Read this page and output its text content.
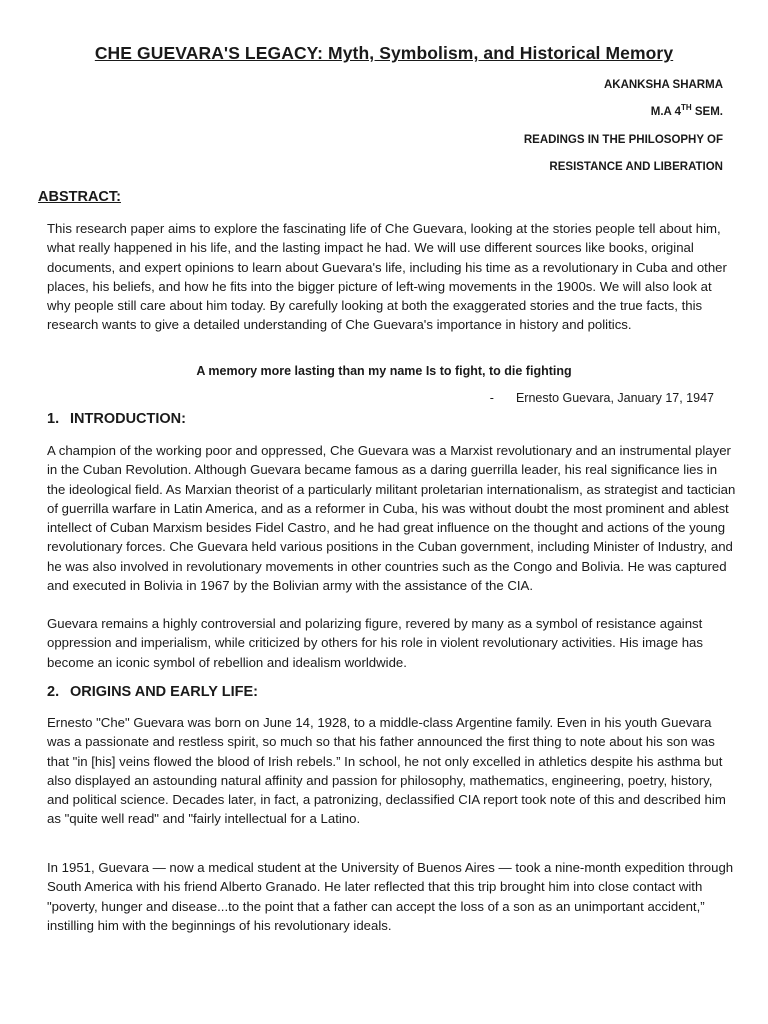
CHE GUEVARA'S LEGACY: Myth, Symbolism, and Historical Memory
AKANKSHA SHARMA
M.A 4TH SEM.
READINGS IN THE PHILOSOPHY OF
RESISTANCE AND LIBERATION
ABSTRACT:

This research paper aims to explore the fascinating life of Che Guevara, looking at the stories people tell about him, what really happened in his life, and the lasting impact he had. We will use different sources like books, original documents, and expert opinions to learn about Guevara's life, including his time as a revolutionary in Cuba and other places, his beliefs, and how he fits into the bigger picture of left-wing movements in the 1900s. We will also look at why people still care about him today. By carefully looking at both the exaggerated stories and the true facts, this research wants to give a detailed understanding of Che Guevara's importance in history and politics.

A memory more lasting than my name Is to fight, to die fighting
- Ernesto Guevara, January 17, 1947
1. INTRODUCTION:

A champion of the working poor and oppressed, Che Guevara was a Marxist revolutionary and an instrumental player in the Cuban Revolution. Although Guevara became famous as a daring guerrilla leader, his real significance lies in the ideological field. As Marxian theorist of a particularly militant proletarian internationalism, as strategist and tactician of guerrilla warfare in Latin America, and as a reformer in Cuba, his was without doubt the most prominent and ablest intellect of Cuban Marxism besides Fidel Castro, and he had great influence on the thought and actions of the young revolutionary forces. Che Guevara held various positions in the Cuban government, including Minister of Industry, and he was also involved in revolutionary movements in other countries such as the Congo and Bolivia. He was captured and executed in Bolivia in 1967 by the Bolivian army with the assistance of the CIA.

Guevara remains a highly controversial and polarizing figure, revered by many as a symbol of resistance against oppression and imperialism, while criticized by others for his role in violent revolutionary activities. His image has become an iconic symbol of rebellion and idealism worldwide.

2. ORIGINS AND EARLY LIFE:

Ernesto "Che" Guevara was born on June 14, 1928, to a middle-class Argentine family. Even in his youth Guevara was a passionate and restless spirit, so much so that his father announced the first thing to note about his son was that "in [his] veins flowed the blood of Irish rebels.” In school, he not only excelled in athletics despite his asthma but also displayed an astounding natural affinity and passion for philosophy, mathematics, engineering, poetry, history, and political science. Decades later, in fact, a patronizing, declassified CIA report took note of this and described him as "quite well read" and "fairly intellectual for a Latino.

In 1951, Guevara — now a medical student at the University of Buenos Aires — took a nine-month expedition through South America with his friend Alberto Granado. He later reflected that this trip brought him into close contact with "poverty, hunger and disease...to the point that a father can accept the loss of a son as an unimportant accident,” instilling him with the beginnings of his revolutionary ideals.
